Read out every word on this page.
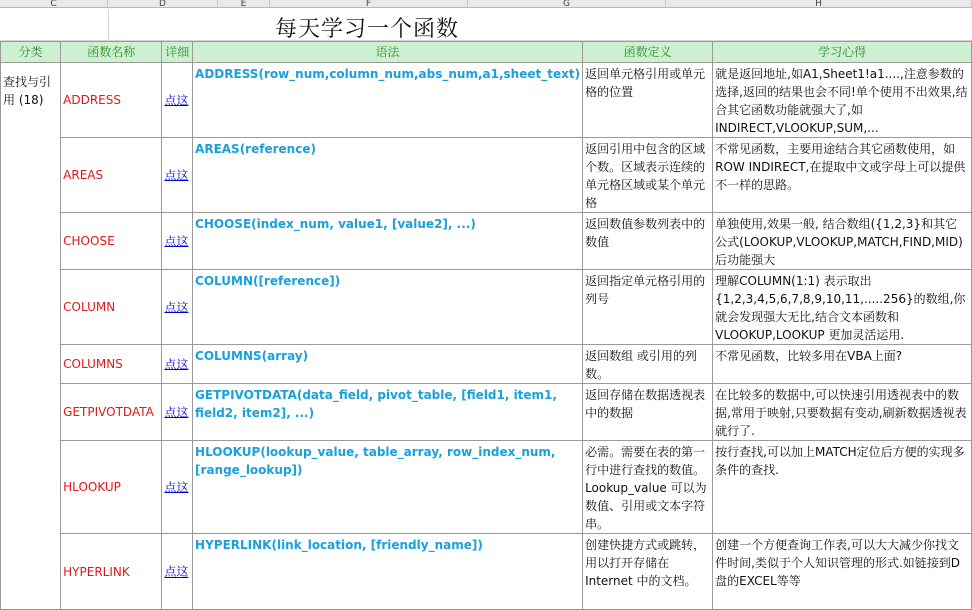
C	D	E	F	G	H
每天学习一个函数
分类	函数名称	详细	语法	函数定义	学习心得
查找与引用 (18)	ADDRESS	点这	ADDRESS(row_num,column_num,abs_num,a1,sheet_text)	返回单元格引用或单元格的位置	就是返回地址,如A1,Sheet1!a1....,注意参数的选择,返回的结果也会不同!单个使用不出效果,结合其它函数功能就强大了,如INDIRECT,VLOOKUP,SUM,...
	AREAS	点这	AREAS(reference)	返回引用中包含的区域个数。区域表示连续的单元格区域或某个单元格	不常见函数，主要用途结合其它函数使用，如ROW INDIRECT,在提取中文或字母上可以提供不一样的思路。
	CHOOSE	点这	CHOOSE(index_num, value1, [value2], ...)	返回数值参数列表中的数值	单独使用,效果一般, 结合数组({1,2,3}和其它公式(LOOKUP,VLOOKUP,MATCH,FIND,MID) 后功能强大
	COLUMN	点这	COLUMN([reference])	返回指定单元格引用的列号	理解COLUMN(1:1) 表示取出 {1,2,3,4,5,6,7,8,9,10,11,.....256}的数组,你就会发现强大无比,结合文本函数和VLOOKUP,LOOKUP 更加灵活运用.
	COLUMNS	点这	COLUMNS(array)	返回数组 或引用的列数。	不常见函数，比较多用在VBA上面?
	GETPIVOTDATA	点这	GETPIVOTDATA(data_field, pivot_table, [field1, item1, field2, item2], ...)	返回存储在数据透视表中的数据	在比较多的数据中,可以快速引用透视表中的数据,常用于映射,只要数据有变动,刷新数据透视表就行了.
	HLOOKUP	点这	HLOOKUP(lookup_value, table_array, row_index_num, [range_lookup])	必需。需要在表的第一行中进行查找的数值。Lookup_value 可以为数值、引用或文本字符串。	按行查找,可以加上MATCH定位后方便的实现多条件的查找.
	HYPERLINK	点这	HYPERLINK(link_location, [friendly_name])	创建快捷方式或跳转，用以打开存储在 Internet 中的文档。	创建一个方便查询工作表,可以大大减少你找文件时间,类似于个人知识管理的形式.如链接到D盘的EXCEL等等
